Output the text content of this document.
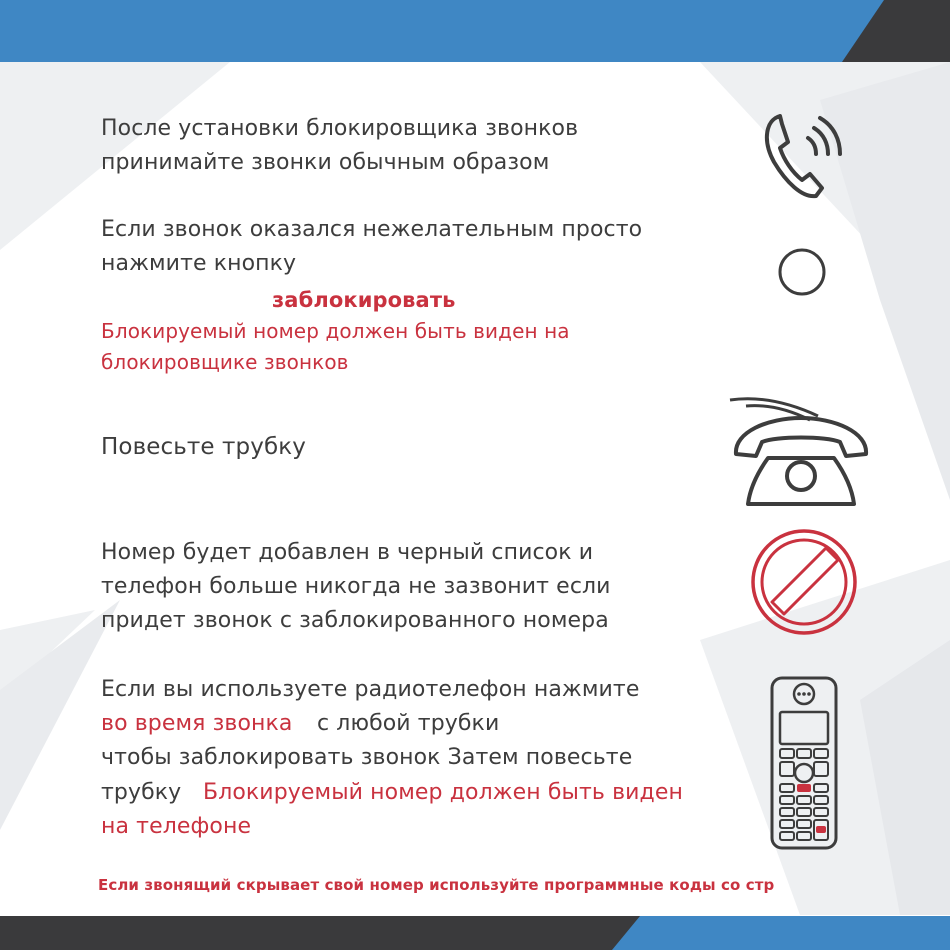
После установки блокировщика звонков
принимайте звонки обычным образом
Если звонок оказался нежелательным просто
нажмите кнопку
заблокировать
Блокируемый номер должен быть виден на
блокировщике звонков
Повесьте трубку
Номер будет добавлен в черный список и
телефон больше никогда не зазвонит если
придет звонок с заблокированного номера
Если вы используете радиотелефон нажмите
во время звонка с любой трубки
чтобы заблокировать звонок Затем повесьте
трубку Блокируемый номер должен быть виден
на телефоне
Если звонящий скрывает свой номер используйте программные коды со стр
